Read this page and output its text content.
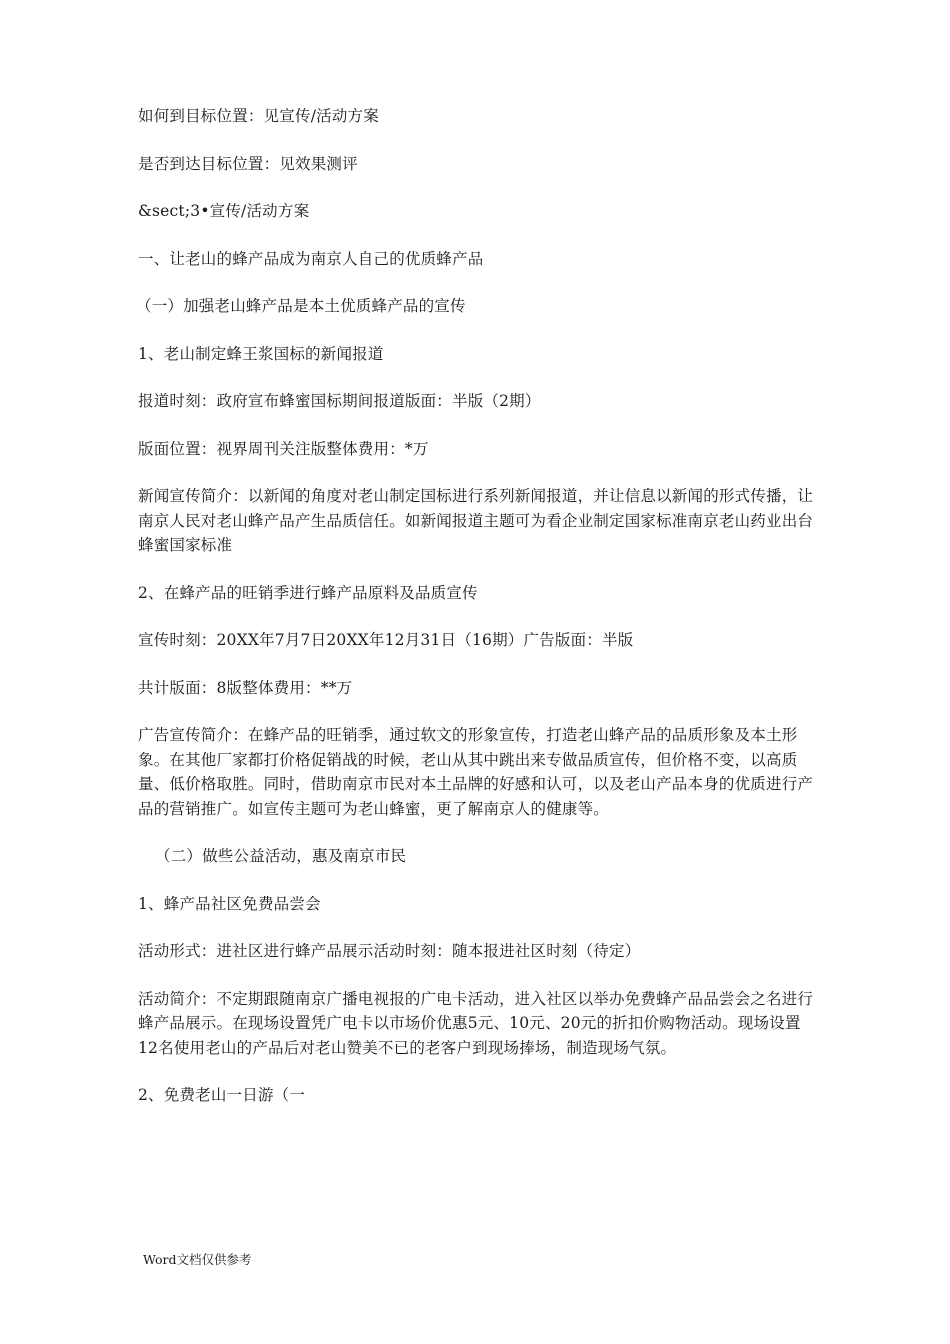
如何到目标位置：见宣传/活动方案

是否到达目标位置：见效果测评

&sect;3•宣传/活动方案

一、让老山的蜂产品成为南京人自己的优质蜂产品

（一）加强老山蜂产品是本土优质蜂产品的宣传

1、老山制定蜂王浆国标的新闻报道

报道时刻：政府宣布蜂蜜国标期间报道版面：半版（2期）

版面位置：视界周刊关注版整体费用：*万

新闻宣传简介：以新闻的角度对老山制定国标进行系列新闻报道，并让信息以新闻的形式传播，让南京人民对老山蜂产品产生品质信任。如新闻报道主题可为看企业制定国家标准南京老山药业出台蜂蜜国家标准

2、在蜂产品的旺销季进行蜂产品原料及品质宣传

宣传时刻：20XX年7月7日20XX年12月31日（16期）广告版面：半版

共计版面：8版整体费用：**万

广告宣传简介：在蜂产品的旺销季，通过软文的形象宣传，打造老山蜂产品的品质形象及本土形象。在其他厂家都打价格促销战的时候，老山从其中跳出来专做品质宣传，但价格不变，以高质量、低价格取胜。同时，借助南京市民对本土品牌的好感和认可，以及老山产品本身的优质进行产品的营销推广。如宣传主题可为老山蜂蜜，更了解南京人的健康等。

（二）做些公益活动，惠及南京市民

1、蜂产品社区免费品尝会

活动形式：进社区进行蜂产品展示活动时刻：随本报进社区时刻（待定）

活动简介：不定期跟随南京广播电视报的广电卡活动，进入社区以举办免费蜂产品品尝会之名进行蜂产品展示。在现场设置凭广电卡以市场价优惠5元、10元、20元的折扣价购物活动。现场设置12名使用老山的产品后对老山赞美不已的老客户到现场捧场，制造现场气氛。

2、免费老山一日游（一

Word文档仅供参考
